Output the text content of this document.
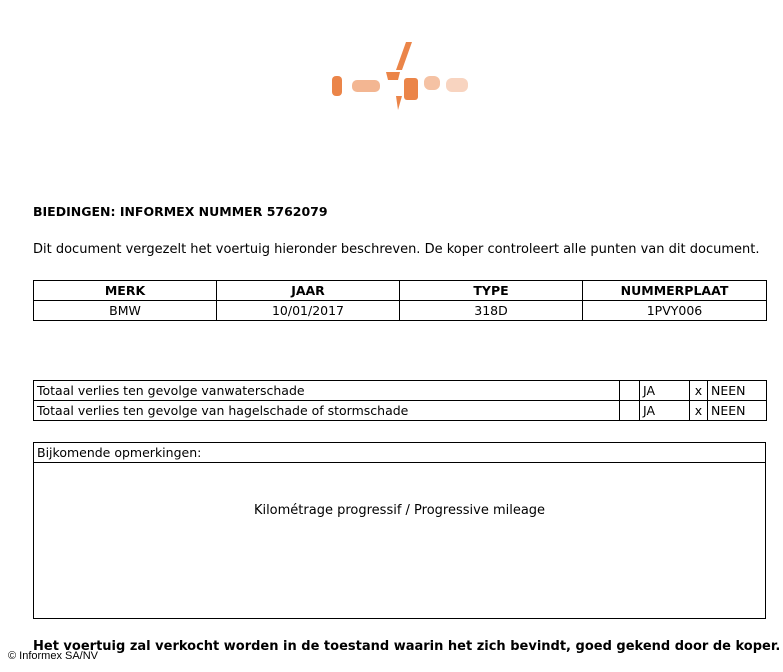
BIEDINGEN: INFORMEX NUMMER 5762079
Dit document vergezelt het voertuig hieronder beschreven. De koper controleert alle punten van dit document.
MERK	JAAR	TYPE	NUMMERPLAAT
BMW	10/01/2017	318D	1PVY006
Totaal verlies ten gevolge vanwaterschade		JA	x	NEEN
Totaal verlies ten gevolge van hagelschade of stormschade		JA	x	NEEN
Bijkomende opmerkingen:
Kilométrage progressif / Progressive mileage
Het voertuig zal verkocht worden in de toestand waarin het zich bevindt, goed gekend door de koper.
© Informex SA/NV
